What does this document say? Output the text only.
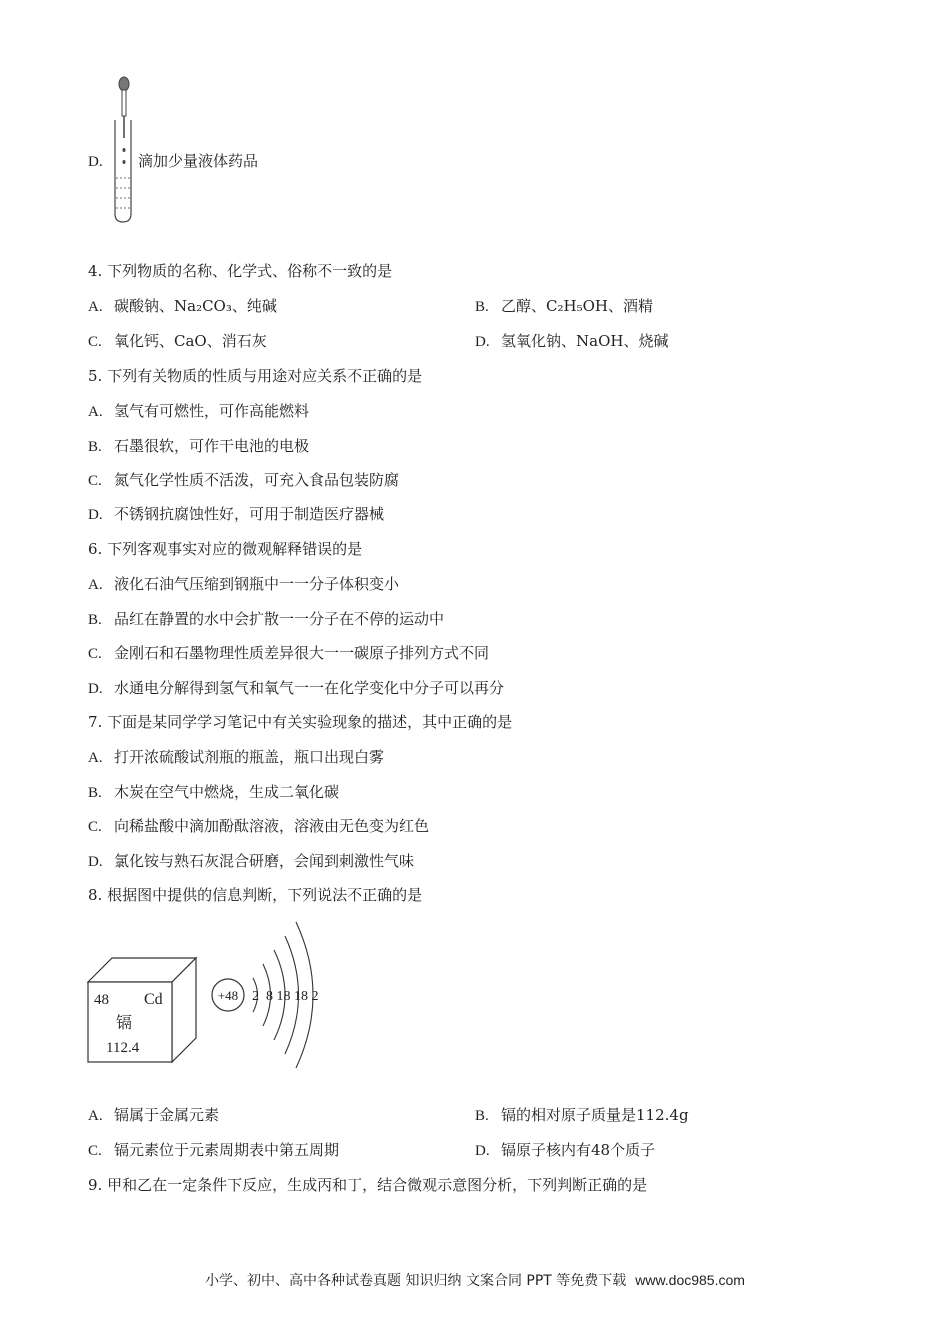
D. 滴加少量液体药品
4. 下列物质的名称、化学式、俗称不一致的是
A. 碳酸钠、Na₂CO₃、纯碱	B. 乙醇、C₂H₅OH、酒精
C. 氧化钙、CaO、消石灰	D. 氢氧化钠、NaOH、烧碱
5. 下列有关物质的性质与用途对应关系不正确的是
A. 氢气有可燃性，可作高能燃料
B. 石墨很软，可作干电池的电极
C. 氮气化学性质不活泼，可充入食品包装防腐
D. 不锈钢抗腐蚀性好，可用于制造医疗器械
6. 下列客观事实对应的微观解释错误的是
A. 液化石油气压缩到钢瓶中一一分子体积变小
B. 品红在静置的水中会扩散一一分子在不停的运动中
C. 金刚石和石墨物理性质差异很大一一碳原子排列方式不同
D. 水通电分解得到氢气和氧气一一在化学变化中分子可以再分
7. 下面是某同学学习笔记中有关实验现象的描述，其中正确的是
A. 打开浓硫酸试剂瓶的瓶盖，瓶口出现白雾
B. 木炭在空气中燃烧，生成二氧化碳
C. 向稀盐酸中滴加酚酞溶液，溶液由无色变为红色
D. 氯化铵与熟石灰混合研磨，会闻到刺激性气味
8. 根据图中提供的信息判断，下列说法不正确的是
48 Cd
镉
112.4
+48 2  8 18 18 2
A. 镉属于金属元素	B. 镉的相对原子质量是112.4g
C. 镉元素位于元素周期表中第五周期	D. 镉原子核内有48个质子
9. 甲和乙在一定条件下反应，生成丙和丁，结合微观示意图分析，下列判断正确的是
小学、初中、高中各种试卷真题 知识归纳 文案合同 PPT 等免费下载 www.doc985.com
